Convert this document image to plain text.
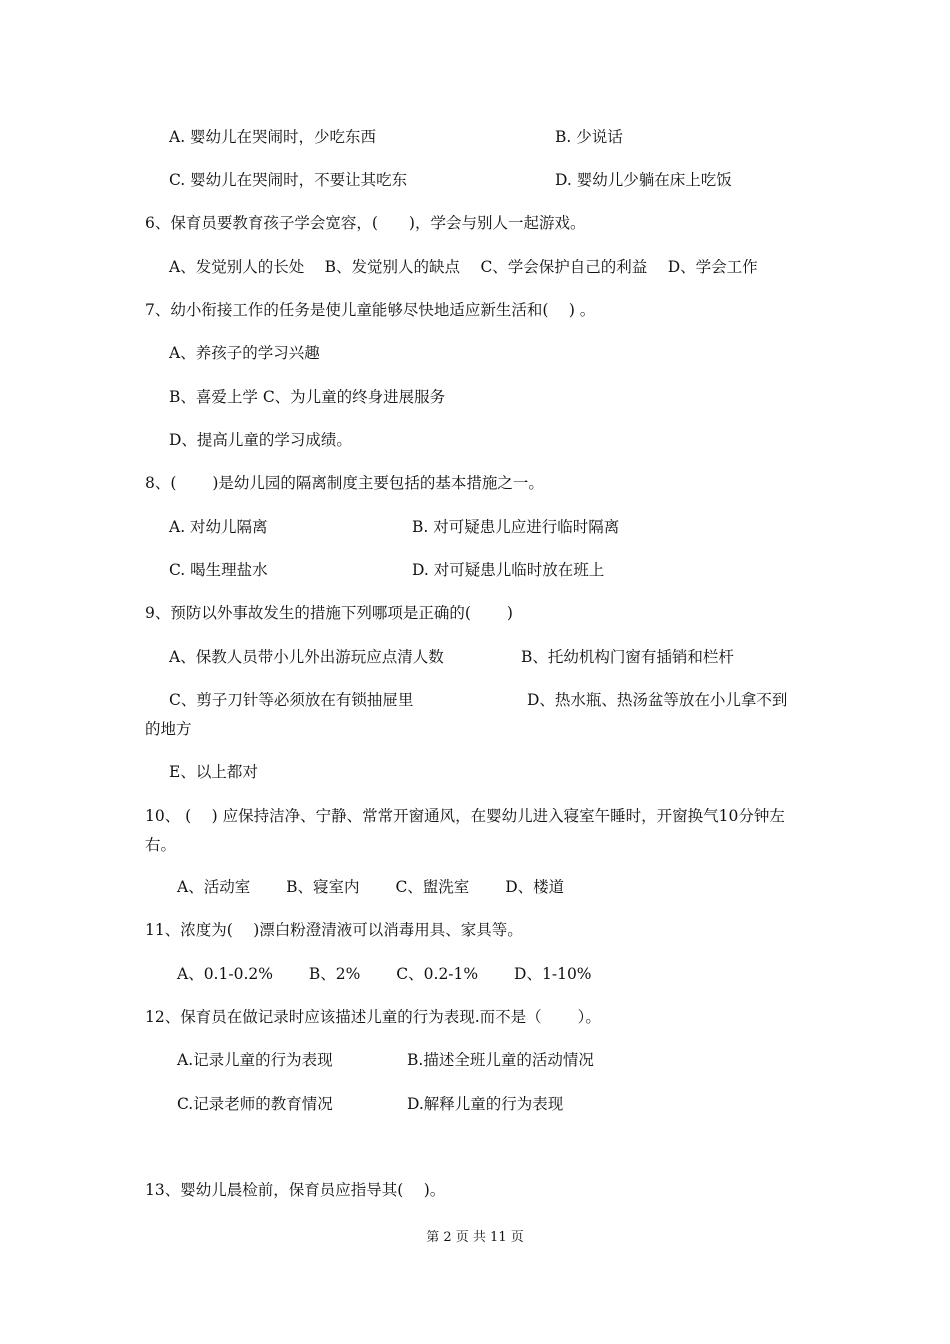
A. 婴幼儿在哭闹时，少吃东西	B. 少说话
C. 婴幼儿在哭闹时，不要让其吃东	D. 婴幼儿少躺在床上吃饭
6、保育员要教育孩子学会宽容，(　　)，学会与别人一起游戏。
A、发觉别人的长处　 B、发觉别人的缺点　 C、学会保护自己的利益　 D、学会工作
7、幼小衔接工作的任务是使儿童能够尽快地适应新生活和(　 ) 。
A、养孩子的学习兴趣
B、喜爱上学 C、为儿童的终身进展服务
D、提高儿童的学习成绩。
8、(　　 )是幼儿园的隔离制度主要包括的基本措施之一。
A. 对幼儿隔离	B. 对可疑患儿应进行临时隔离
C. 喝生理盐水	D. 对可疑患儿临时放在班上
9、预防以外事故发生的措施下列哪项是正确的(　　 )
A、保教人员带小儿外出游玩应点清人数	B、托幼机构门窗有插销和栏杆
C、剪子刀针等必须放在有锁抽屉里	D、热水瓶、热汤盆等放在小儿拿不到
的地方
E、以上都对
10、 (　 ) 应保持洁净、宁静、常常开窗通风，在婴幼儿进入寝室午睡时，开窗换气10分钟左右。
A、活动室　　 B、寝室内　　 C、盥洗室　　 D、楼道
11、浓度为(　 )漂白粉澄清液可以消毒用具、家具等。
A、0.1-0.2%　　 B、2%　　 C、0.2-1%　　 D、1-10%
12、保育员在做记录时应该描述儿童的行为表现.而不是（　　 ）。
A.记录儿童的行为表现	B.描述全班儿童的活动情况
C.记录老师的教育情况	D.解释儿童的行为表现
13、婴幼儿晨检前，保育员应指导其(　 )。
第 2 页 共 11 页
